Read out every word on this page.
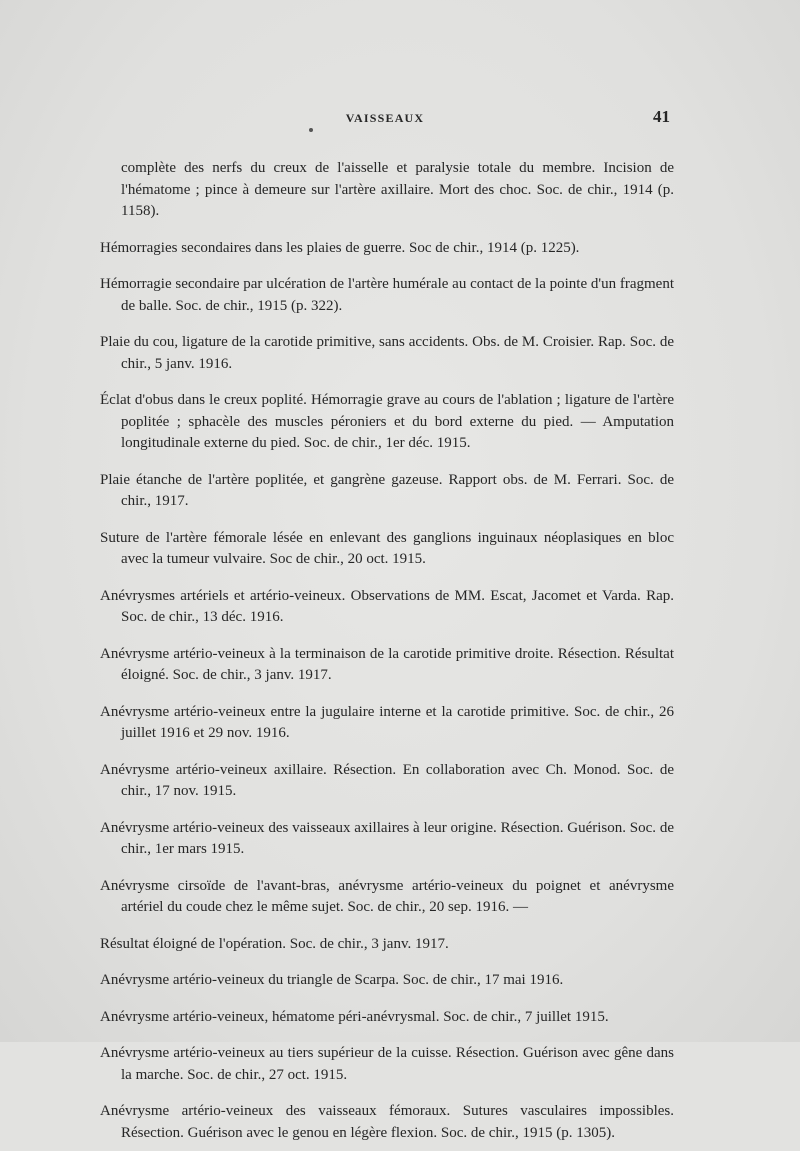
VAISSEAUX	41

complète des nerfs du creux de l'aisselle et paralysie totale du membre. Incision de l'hématome ; pince à demeure sur l'artère axillaire. Mort des choc. Soc. de chir., 1914 (p. 1158).

Hémorragies secondaires dans les plaies de guerre. Soc de chir., 1914 (p. 1225).

Hémorragie secondaire par ulcération de l'artère humérale au contact de la pointe d'un fragment de balle. Soc. de chir., 1915 (p. 322).

Plaie du cou, ligature de la carotide primitive, sans accidents. Obs. de M. Croisier. Rap. Soc. de chir., 5 janv. 1916.

Éclat d'obus dans le creux poplité. Hémorragie grave au cours de l'ablation ; ligature de l'artère poplitée ; sphacèle des muscles péroniers et du bord externe du pied. — Amputation longitudinale externe du pied. Soc. de chir., 1er déc. 1915.

Plaie étanche de l'artère poplitée, et gangrène gazeuse. Rapport obs. de M. Ferrari. Soc. de chir., 1917.

Suture de l'artère fémorale lésée en enlevant des ganglions inguinaux néoplasiques en bloc avec la tumeur vulvaire. Soc de chir., 20 oct. 1915.

Anévrysmes artériels et artério-veineux. Observations de MM. Escat, Jacomet et Varda. Rap. Soc. de chir., 13 déc. 1916.

Anévrysme artério-veineux à la terminaison de la carotide primitive droite. Résection. Résultat éloigné. Soc. de chir., 3 janv. 1917.

Anévrysme artério-veineux entre la jugulaire interne et la carotide primitive. Soc. de chir., 26 juillet 1916 et 29 nov. 1916.

Anévrysme artério-veineux axillaire. Résection. En collaboration avec Ch. Monod. Soc. de chir., 17 nov. 1915.

Anévrysme artério-veineux des vaisseaux axillaires à leur origine. Résection. Guérison. Soc. de chir., 1er mars 1915.

Anévrysme cirsoïde de l'avant-bras, anévrysme artério-veineux du poignet et anévrysme artériel du coude chez le même sujet. Soc. de chir., 20 sep. 1916. —

Résultat éloigné de l'opération. Soc. de chir., 3 janv. 1917.

Anévrysme artério-veineux du triangle de Scarpa. Soc. de chir., 17 mai 1916.

Anévrysme artério-veineux, hématome péri-anévrysmal. Soc. de chir., 7 juillet 1915.

Anévrysme artério-veineux au tiers supérieur de la cuisse. Résection. Guérison avec gêne dans la marche. Soc. de chir., 27 oct. 1915.

Anévrysme artério-veineux des vaisseaux fémoraux. Sutures vasculaires impossibles. Résection. Guérison avec le genou en légère flexion. Soc. de chir., 1915 (p. 1305).
